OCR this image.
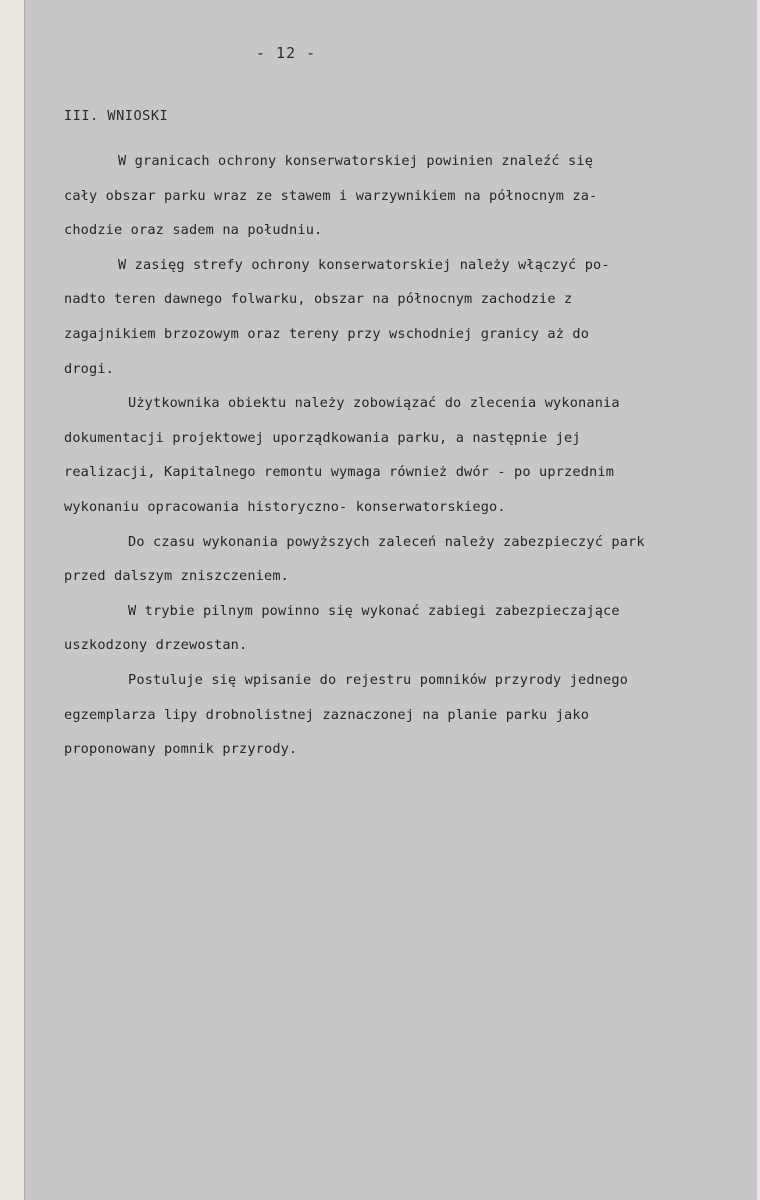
- 12 -
III. WNIOSKI
W granicach ochrony konserwatorskiej powinien znaleźć się
cały obszar parku wraz ze stawem i warzywnikiem na północnym za-
chodzie oraz sadem na południu.
W zasięg strefy ochrony konserwatorskiej należy włączyć po-
nadto teren dawnego folwarku, obszar na północnym zachodzie z
zagajnikiem brzozowym oraz tereny przy wschodniej granicy aż do
drogi.
Użytkownika obiektu należy zobowiązać do zlecenia wykonania
dokumentacji projektowej uporządkowania parku, a następnie jej
realizacji, Kapitalnego remontu wymaga również dwór - po uprzednim
wykonaniu opracowania historyczno- konserwatorskiego.
Do czasu wykonania powyższych zaleceń należy zabezpieczyć park
przed dalszym zniszczeniem.
W trybie pilnym powinno się wykonać zabiegi zabezpieczające
uszkodzony drzewostan.
Postuluje się wpisanie do rejestru pomników przyrody jednego
egzemplarza lipy drobnolistnej zaznaczonej na planie parku jako
proponowany pomnik przyrody.
